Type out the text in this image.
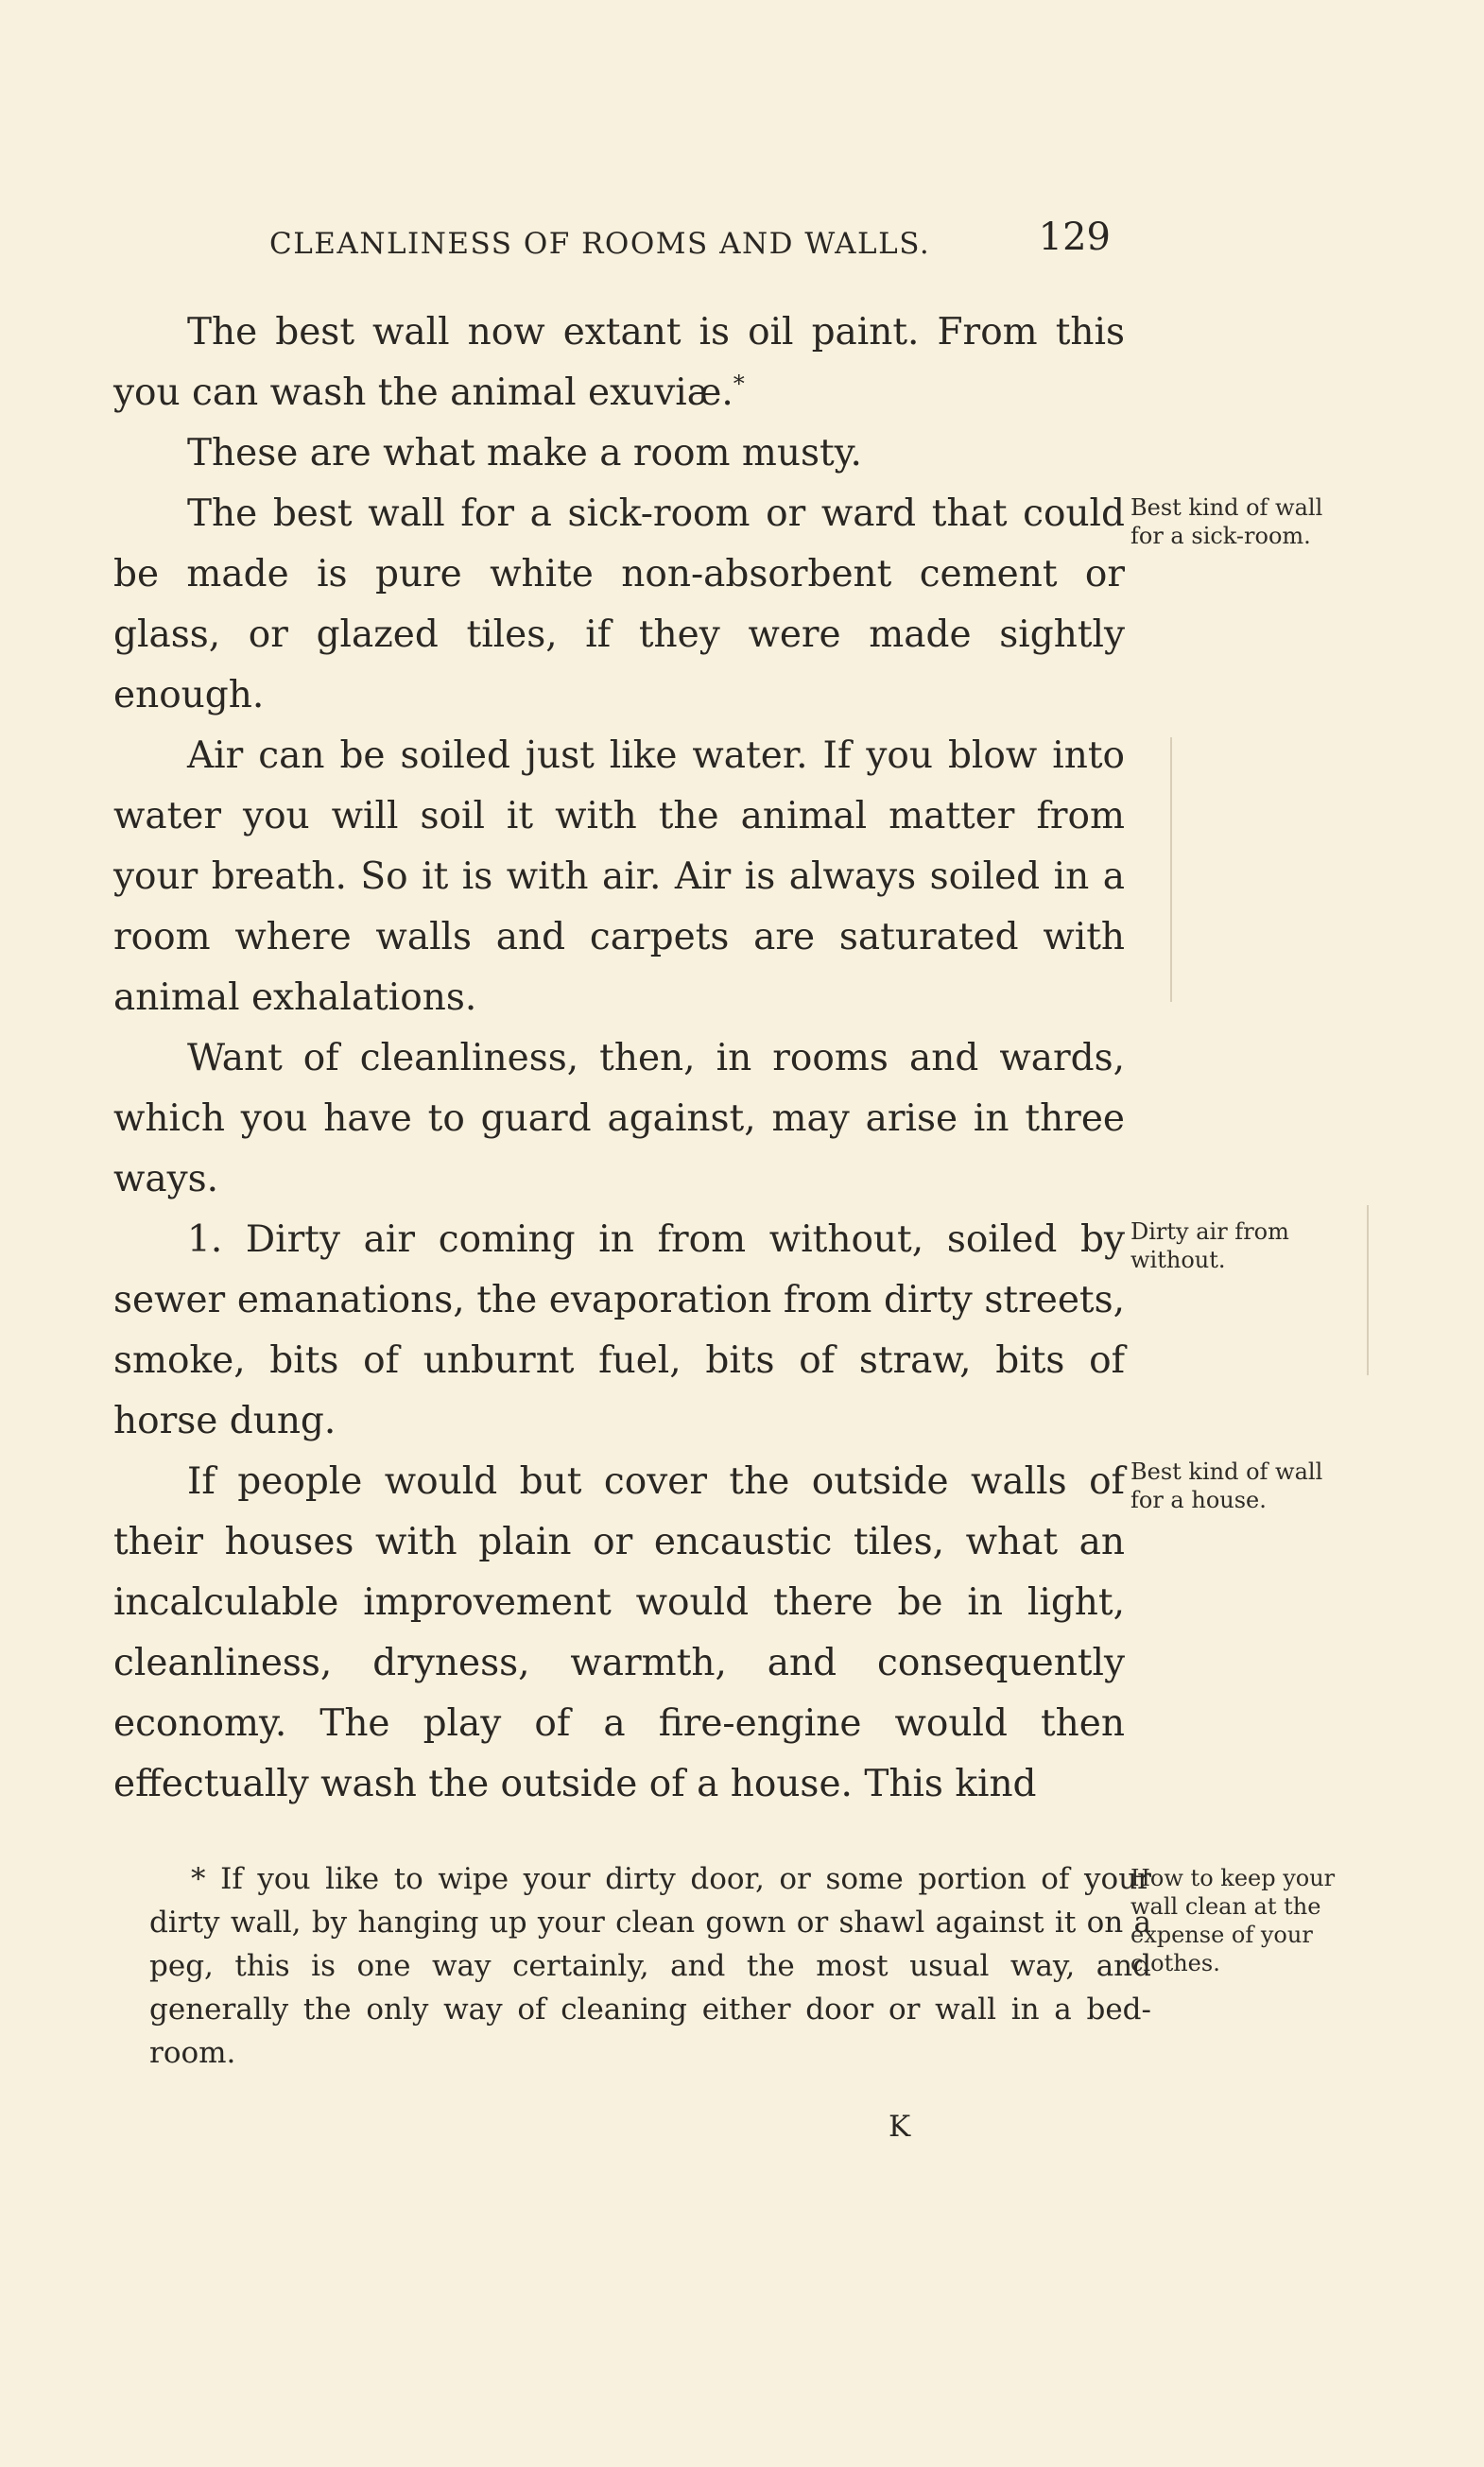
CLEANLINESS OF ROOMS AND WALLS.	129

The best wall now extant is oil paint. From this you can wash the animal exuviæ.*

These are what make a room musty.

The best wall for a sick-room or ward that could be made is pure white non-absorbent cement or glass, or glazed tiles, if they were made sightly enough.

Air can be soiled just like water. If you blow into water you will soil it with the animal matter from your breath. So it is with air. Air is always soiled in a room where walls and carpets are saturated with animal exhalations.

Want of cleanliness, then, in rooms and wards, which you have to guard against, may arise in three ways.

1. Dirty air coming in from without, soiled by sewer emanations, the evaporation from dirty streets, smoke, bits of unburnt fuel, bits of straw, bits of horse dung.

If people would but cover the outside walls of their houses with plain or encaustic tiles, what an incalculable improvement would there be in light, cleanliness, dryness, warmth, and consequently economy. The play of a fire-engine would then effectually wash the outside of a house. This kind

Best kind of wall for a sick-room.
Dirty air from without.
Best kind of wall for a house.
How to keep your wall clean at the expense of your clothes.
* If you like to wipe your dirty door, or some portion of your dirty wall, by hanging up your clean gown or shawl against it on a peg, this is one way certainly, and the most usual way, and generally the only way of cleaning either door or wall in a bed-room.
K
